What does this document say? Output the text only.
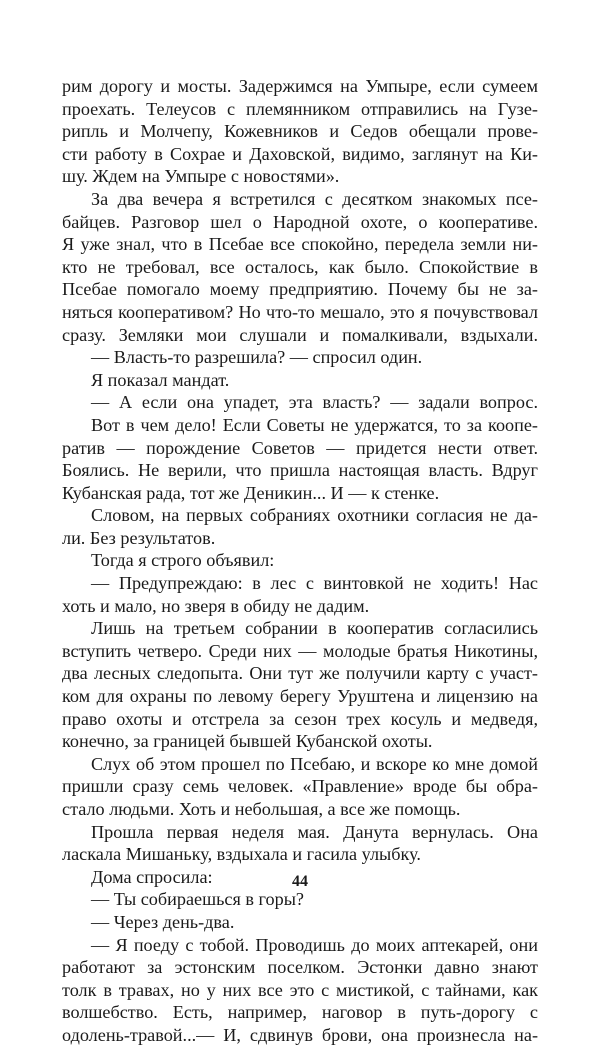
рим дорогу и мосты. Задержимся на Умпыре, если сумеем
проехать. Телеусов с племянником отправились на Гузе-
рипль и Молчепу, Кожевников и Седов обещали прове-
сти работу в Сохрае и Даховской, видимо, заглянут на Ки-
шу. Ждем на Умпыре с новостями».
За два вечера я встретился с десятком знакомых псе-
байцев. Разговор шел о Народной охоте, о кооперативе.
Я уже знал, что в Псебае все спокойно, передела земли ни-
кто не требовал, все осталось, как было. Спокойствие в
Псебае помогало моему предприятию. Почему бы не за-
няться кооперативом? Но что-то мешало, это я почувствовал
сразу. Земляки мои слушали и помалкивали, вздыхали.
— Власть-то разрешила? — спросил один.
Я показал мандат.
— А если она упадет, эта власть? — задали вопрос.
Вот в чем дело! Если Советы не удержатся, то за коопе-
ратив — порождение Советов — придется нести ответ.
Боялись. Не верили, что пришла настоящая власть. Вдруг
Кубанская рада, тот же Деникин... И — к стенке.
Словом, на первых собраниях охотники согласия не да-
ли. Без результатов.
Тогда я строго объявил:
— Предупреждаю: в лес с винтовкой не ходить! Нас
хоть и мало, но зверя в обиду не дадим.
Лишь на третьем собрании в кооператив согласились
вступить четверо. Среди них — молодые братья Никотины,
два лесных следопыта. Они тут же получили карту с участ-
ком для охраны по левому берегу Уруштена и лицензию на
право охоты и отстрела за сезон трех косуль и медведя,
конечно, за границей бывшей Кубанской охоты.
Слух об этом прошел по Псебаю, и вскоре ко мне домой
пришли сразу семь человек. «Правление» вроде бы обра-
стало людьми. Хоть и небольшая, а все же помощь.
Прошла первая неделя мая. Данута вернулась. Она
ласкала Мишаньку, вздыхала и гасила улыбку.
Дома спросила:
— Ты собираешься в горы?
— Через день-два.
— Я поеду с тобой. Проводишь до моих аптекарей, они
работают за эстонским поселком. Эстонки давно знают
толк в травах, но у них все это с мистикой, с тайнами, как
волшебство. Есть, например, наговор в путь-дорогу с
одолень-травой...— И, сдвинув брови, она произнесла на-
44
